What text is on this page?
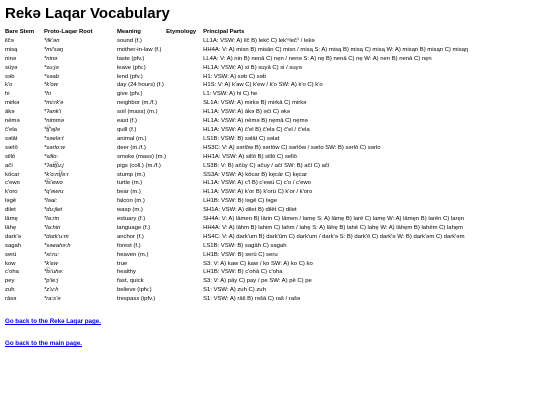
Rekə Laqar Vocabulary
Bare Stem	Proto-Laqar Root	Meaning	Etymology	Principal Parts
ilčə	*ilk'ən	sound (f.)		LL1A: VSW: A) ilč B) lekč C) lek'ⁿlečˀ / lekə
misą	*mi'saŋ	mother-in-law (f.)		HH4A: V: A) misn B) misān C) misn / misą S: A) misą B) misą C) misą W: A) misąn B) misąn C) misąŋ
ninə	*ninə	taste (pfv.)		LL4A: V: A) nin B) nenā C) nęn / nenə S: A) nę B) nenā C) nę W: A) nen B) nenā C) nęn
süyə	*su:jə	leave (pfv.)		HL1A: VSW: A) si B) suyā C) si / suyə
səb	*səab	lend (pfv.)		H1: VSW: A) səb C) səb
k'o	*k'ow	day (24 hours) (f.)		H1S: V: A) k'aw C) k'ew / k'o SW: A) k'o C) k'o
hi	*hi	give (pfv.)		L1: VSW: A) hi C) he
mirkə	*mi:rk'ə	neighbor (m./f.)		SL1A: VSW: A) mirkə B) mirkā C) mirkə
ākə	*ʔank'i	soil (mass) (m.)		HL1A: VSW: A) ākə B) əči C) əkə
nēmə	*nimmə	east (f.)		HL1A: VSW: A) nēmə B) nęmā C) nęmə
č'ela	*t͡ʃ'əjlə	quill (f.)		HL1A: VSW: A) č'el B) č'ela C) č'el / č'ela
səlāt	*səelə:t	animal (m.)		LS1B: VSW: B) səlāt C) səlat
sərlō	*sərlo:w	deer (m./f.)		HS3C: V: A) sərlōw B) sərlōw C) sərlōw / sərlo SW: B) sərlō C) sərlo
sillō	*sillo:	smoke (mass) (m.)		HH1A: VSW: A) sillō B) sillō C) sellō
ačí	*ʔatt͡ʃu:j	pigs (coll.) (m./f.)		LS3B: V: B) ačüy C) ačuy / ačí SW: B) ačí C) ačí
kōcar	*k'o:nt͡ʃə:r	stump (m.)		SS3A: VSW: A) kōcar B) kęcār C) kęcar
c'ewo	*t͡s'ewo	turtle (m.)		HL1A: VSW: A) c'l B) c'ewü C) c'o / c'ewo
k'oro	*q'əwru	bear (m.)		HL1A: VSW: A) k'or B) k'orü C) k'or / k'oro
ləgē	*ləai:	falcon (m.)		LH1B: VSW: B) ləgē C) ləge
dilet	*du:jlet	wasp (m.)		SH1A: VSW: A) dilet B) dilēt C) dilet
lāmę	*la:rin	estuary (f.)		SH4A: V: A) lāmen B) lārin C) lāmen / lamę S: A) lāmę B) larē C) lamę W: A) lāmęn B) larēn C) laręn
lāhę	*la:hin	language (f.)		HH4A: V: A) lāhm B) lahim C) lahm / lahę S: A) lāhę B) lahē C) lahę W: A) lāhęm B) lahēm C) lahęm
dark'ə	*dark'u:m	anchor (f.)		HS4C: V: A) dark'um B) dark'ūm C) dark'um / dark'ə S: B) dark'ō C) dark'ə W: B) dark'əm C) dark'əm
sagah	*səeahə:h	forest (f.)		LS1B: VSW: B) sagāh C) sagah
serü	*xi:ru:	heaven (m.)		LH1B: VSW: B) serü C) seru
kow	*k'ew	true		S3: V: A) kaw C) kaw / ko SW: A) ko C) ko
c'oha	*t͡s'uhə:	healthy		LH1B: VSW: B) c'ohā C) c'oha
pey	*p'ie:j	fast, quick		S3: V: A) pāy C) pay / pe SW: A) pē C) pe
zuh	*z'u:h	believe (ipfv.)		S1: VSW: A) zuh C) zuh
rāsə	*ra:s'ə	trespass (ipfv.)		S1: VSW: A) rāš B) rəšā C) raš / rašə

Go back to the Rekə Laqar page.

Go back to the main page.
